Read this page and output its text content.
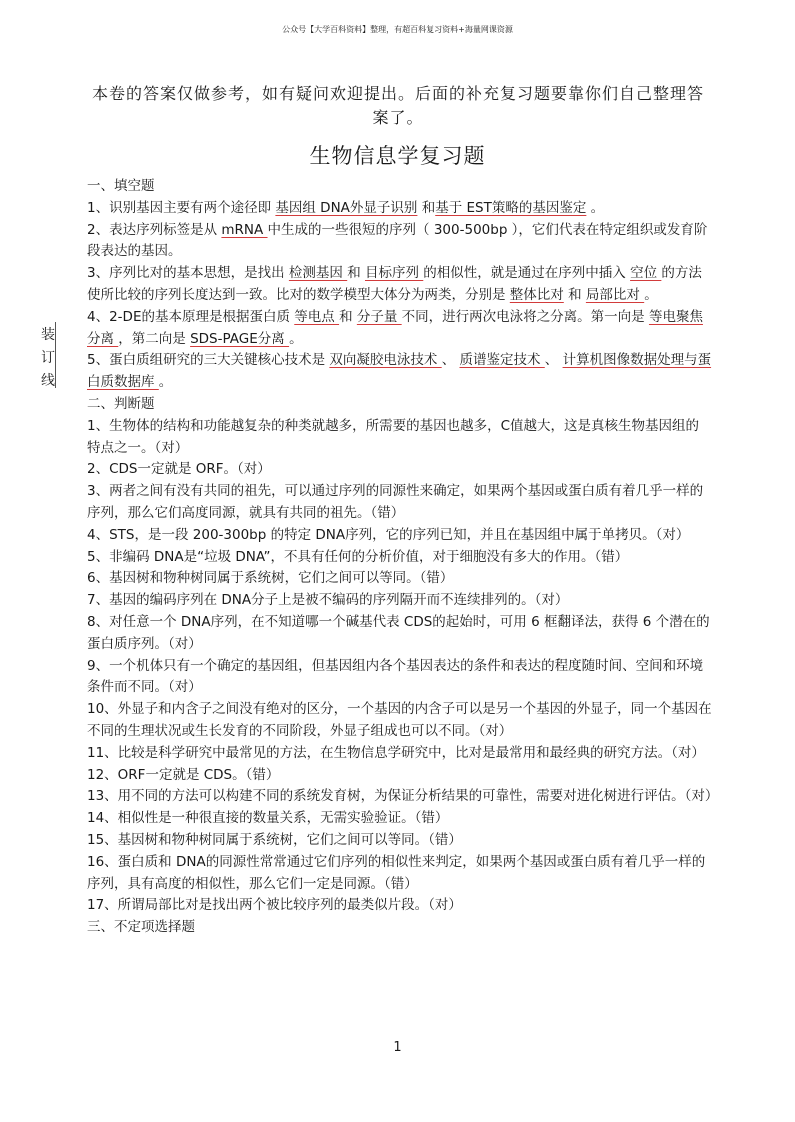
公众号【大学百科资料】整理，有超百科复习资料+海量网课资源
本卷的答案仅做参考，如有疑问欢迎提出。后面的补充复习题要靠你们自己整理答案了。
生物信息学复习题
装
订
线

一、填空题

1、识别基因主要有两个途径即 基因组 DNA外显子识别 和基于 EST策略的基因鉴定 。

2、表达序列标签是从 mRNA 中生成的一些很短的序列（ 300-500bp ），它们代表在特定组织或发育阶段表达的基因。

3、序列比对的基本思想，是找出 检测基因 和 目标序列 的相似性，就是通过在序列中插入 空位 的方法使所比较的序列长度达到一致。比对的数学模型大体分为两类，分别是 整体比对 和 局部比对 。

4、2-DE的基本原理是根据蛋白质 等电点 和 分子量 不同，进行两次电泳将之分离。第一向是 等电聚焦分离 ，第二向是 SDS-PAGE分离 。

5、蛋白质组研究的三大关键核心技术是 双向凝胶电泳技术 、 质谱鉴定技术 、 计算机图像数据处理与蛋白质数据库 。

二、判断题

1、生物体的结构和功能越复杂的种类就越多，所需要的基因也越多，C值越大，这是真核生物基因组的特点之一。（对）

2、CDS一定就是 ORF。（对）

3、两者之间有没有共同的祖先，可以通过序列的同源性来确定，如果两个基因或蛋白质有着几乎一样的序列，那么它们高度同源，就具有共同的祖先。（错）

4、STS，是一段 200-300bp 的特定 DNA序列，它的序列已知，并且在基因组中属于单拷贝。（对）

5、非编码 DNA是“垃圾 DNA”，不具有任何的分析价值，对于细胞没有多大的作用。（错）

6、基因树和物种树同属于系统树，它们之间可以等同。（错）

7、基因的编码序列在 DNA分子上是被不编码的序列隔开而不连续排列的。（对）

8、对任意一个 DNA序列，在不知道哪一个碱基代表 CDS的起始时，可用 6 框翻译法，获得 6 个潜在的蛋白质序列。（对）

9、一个机体只有一个确定的基因组，但基因组内各个基因表达的条件和表达的程度随时间、空间和环境条件而不同。（对）

10、外显子和内含子之间没有绝对的区分，一个基因的内含子可以是另一个基因的外显子，同一个基因在不同的生理状况或生长发育的不同阶段，外显子组成也可以不同。（对）

11、比较是科学研究中最常见的方法，在生物信息学研究中，比对是最常用和最经典的研究方法。（对）

12、ORF一定就是 CDS。（错）

13、用不同的方法可以构建不同的系统发育树，为保证分析结果的可靠性，需要对进化树进行评估。（对）

14、相似性是一种很直接的数量关系，无需实验验证。（错）

15、基因树和物种树同属于系统树，它们之间可以等同。（错）

16、蛋白质和 DNA的同源性常常通过它们序列的相似性来判定，如果两个基因或蛋白质有着几乎一样的序列，具有高度的相似性，那么它们一定是同源。（错）

17、所谓局部比对是找出两个被比较序列的最类似片段。（对）

三、不定项选择题

1
